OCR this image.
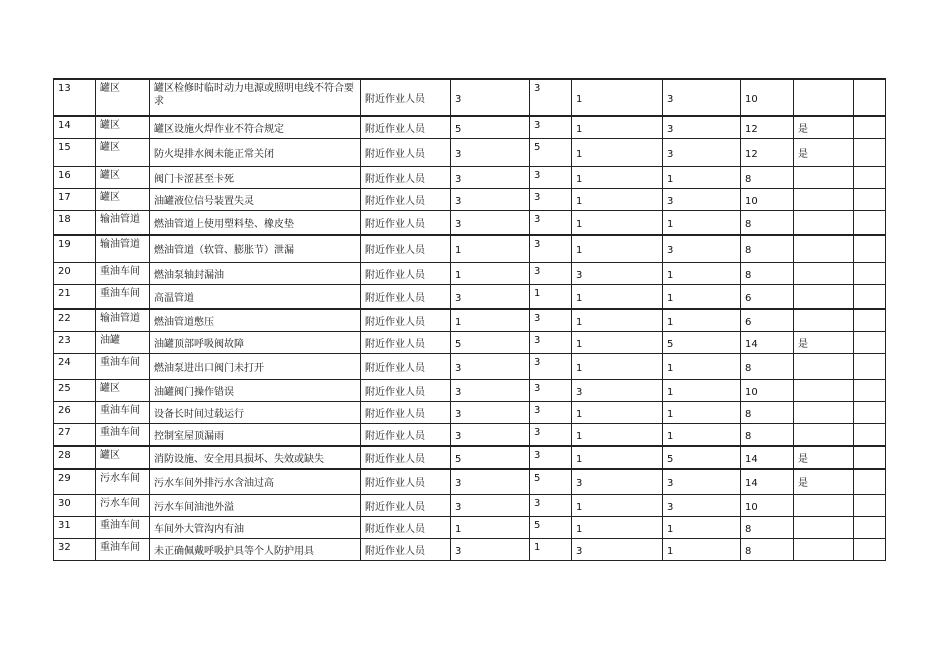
13	罐区	罐区检修时临时动力电源或照明电线不符合要求	附近作业人员	3	3	1	3	10		
14	罐区	罐区设施火焊作业不符合规定	附近作业人员	5	3	1	3	12	是	
15	罐区	防火堤排水阀未能正常关闭	附近作业人员	3	5	1	3	12	是	
16	罐区	阀门卡涩甚至卡死	附近作业人员	3	3	1	1	8		
17	罐区	油罐液位信号装置失灵	附近作业人员	3	3	1	3	10		
18	输油管道	燃油管道上使用塑料垫、橡皮垫	附近作业人员	3	3	1	1	8		
19	输油管道	燃油管道（软管、膨胀节）泄漏	附近作业人员	1	3	1	3	8		
20	重油车间	燃油泵轴封漏油	附近作业人员	1	3	3	1	8		
21	重油车间	高温管道	附近作业人员	3	1	1	1	6		
22	输油管道	燃油管道憋压	附近作业人员	1	3	1	1	6		
23	油罐	油罐顶部呼吸阀故障	附近作业人员	5	3	1	5	14	是	
24	重油车间	燃油泵进出口阀门未打开	附近作业人员	3	3	1	1	8		
25	罐区	油罐阀门操作错误	附近作业人员	3	3	3	1	10		
26	重油车间	设备长时间过载运行	附近作业人员	3	3	1	1	8		
27	重油车间	控制室屋顶漏雨	附近作业人员	3	3	1	1	8		
28	罐区	消防设施、安全用具损坏、失效或缺失	附近作业人员	5	3	1	5	14	是	
29	污水车间	污水车间外排污水含油过高	附近作业人员	3	5	3	3	14	是	
30	污水车间	污水车间油池外溢	附近作业人员	3	3	1	3	10		
31	重油车间	车间外大管沟内有油	附近作业人员	1	5	1	1	8		
32	重油车间	未正确佩戴呼吸护具等个人防护用具	附近作业人员	3	1	3	1	8		
